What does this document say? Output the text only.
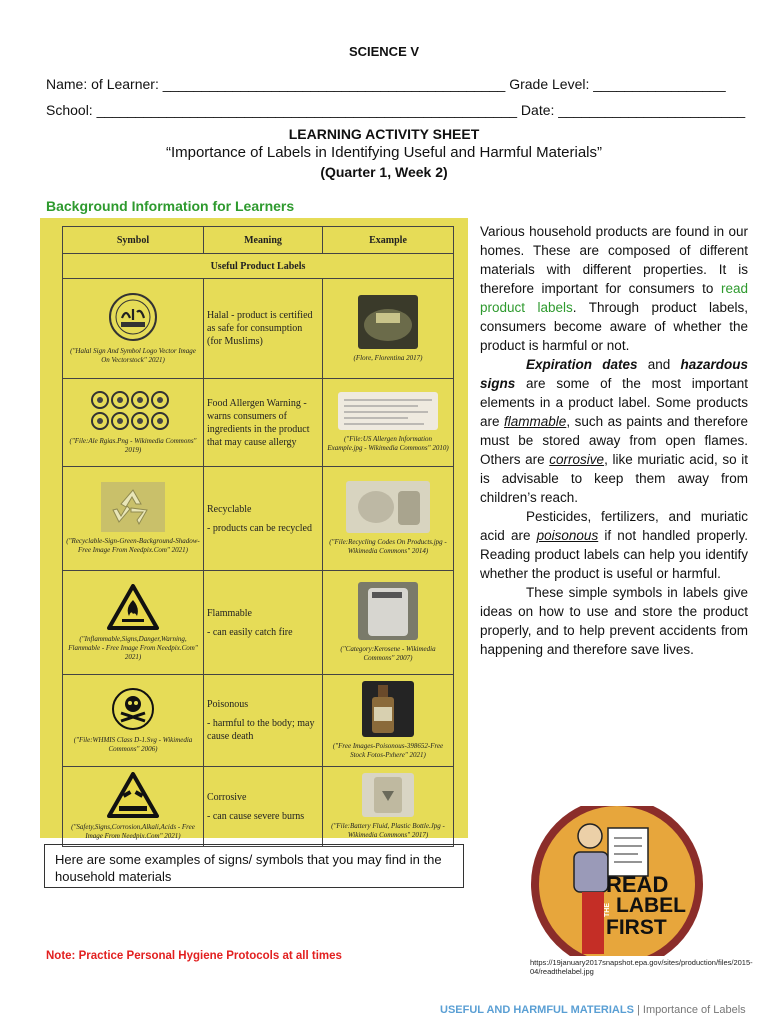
SCIENCE V
Name: of Learner: ____________________________________________ Grade Level: _________________
School: ______________________________________________________ Date: ________________________
LEARNING ACTIVITY SHEET
“Importance of Labels in Identifying Useful and Harmful Materials”
(Quarter 1, Week 2)
Background Information for Learners
Symbol	Meaning	Example
Useful Product Labels		

("Halal Sign And Symbol Logo Vector Image On Vectorstock" 2021)	Halal - product is certified as safe for consumption (for Muslims)	(Flore, Florentina 2017)

("File:Ale Rgias.Png - Wikimedia Commons" 2019)	Food Allergen Warning - warns consumers of ingredients in the product that may cause allergy	("File:US Allergen Information Example.jpg - Wikimedia Commons" 2010)

("Recyclable-Sign-Green-Background-Shadow-Free Image From Needpix.Com" 2021)	Recyclable
- products can be recycled	("File:Recycling Codes On Products.jpg - Wikimedia Commons" 2014)

("Inflammable,Signs,Danger,Warning, Flammable - Free Image From Needpix.Com" 2021)	Flammable
- can easily catch fire	("Category:Kerosene - Wikimedia Commons" 2007)

("File:WHMIS Class D-1.Svg - Wikimedia Commons" 2006)	Poisonous
- harmful to the body; may cause death	("Free Images-Poisonous-398652-Free Stock Fotos-Pxhere" 2021)

("Safety,Signs,Corrosion,Alkali,Acids - Free Image From Needpix.Com" 2021)	Corrosive
- can cause severe burns	("File:Battery Fluid, Plastic Bottle.Jpg - Wikimedia Commons" 2017)

Various household products are found in our homes. These are composed of different materials with different properties. It is therefore important for consumers to read product labels. Through product labels, consumers become aware of whether the product is harmful or not.

Expiration dates and hazardous signs are some of the most important elements in a product label. Some products are flammable, such as paints and therefore must be stored away from open flames. Others are corrosive, like muriatic acid, so it is advisable to keep them away from children’s reach.

Pesticides, fertilizers, and muriatic acid are poisonous if not handled properly. Reading product labels can help you identify whether the product is useful or harmful.

These simple symbols in labels give ideas on how to use and store the product properly, and to help prevent accidents from happening and therefore save lives.

Here are some examples of signs/ symbols that you may find in the household materials
Note: Practice Personal Hygiene Protocols at all times
READ
THE LABEL
FIRST
https://19january2017snapshot.epa.gov/sites/production/files/2015-04/readthelabel.jpg
USEFUL AND HARMFUL MATERIALS | Importance of Labels
